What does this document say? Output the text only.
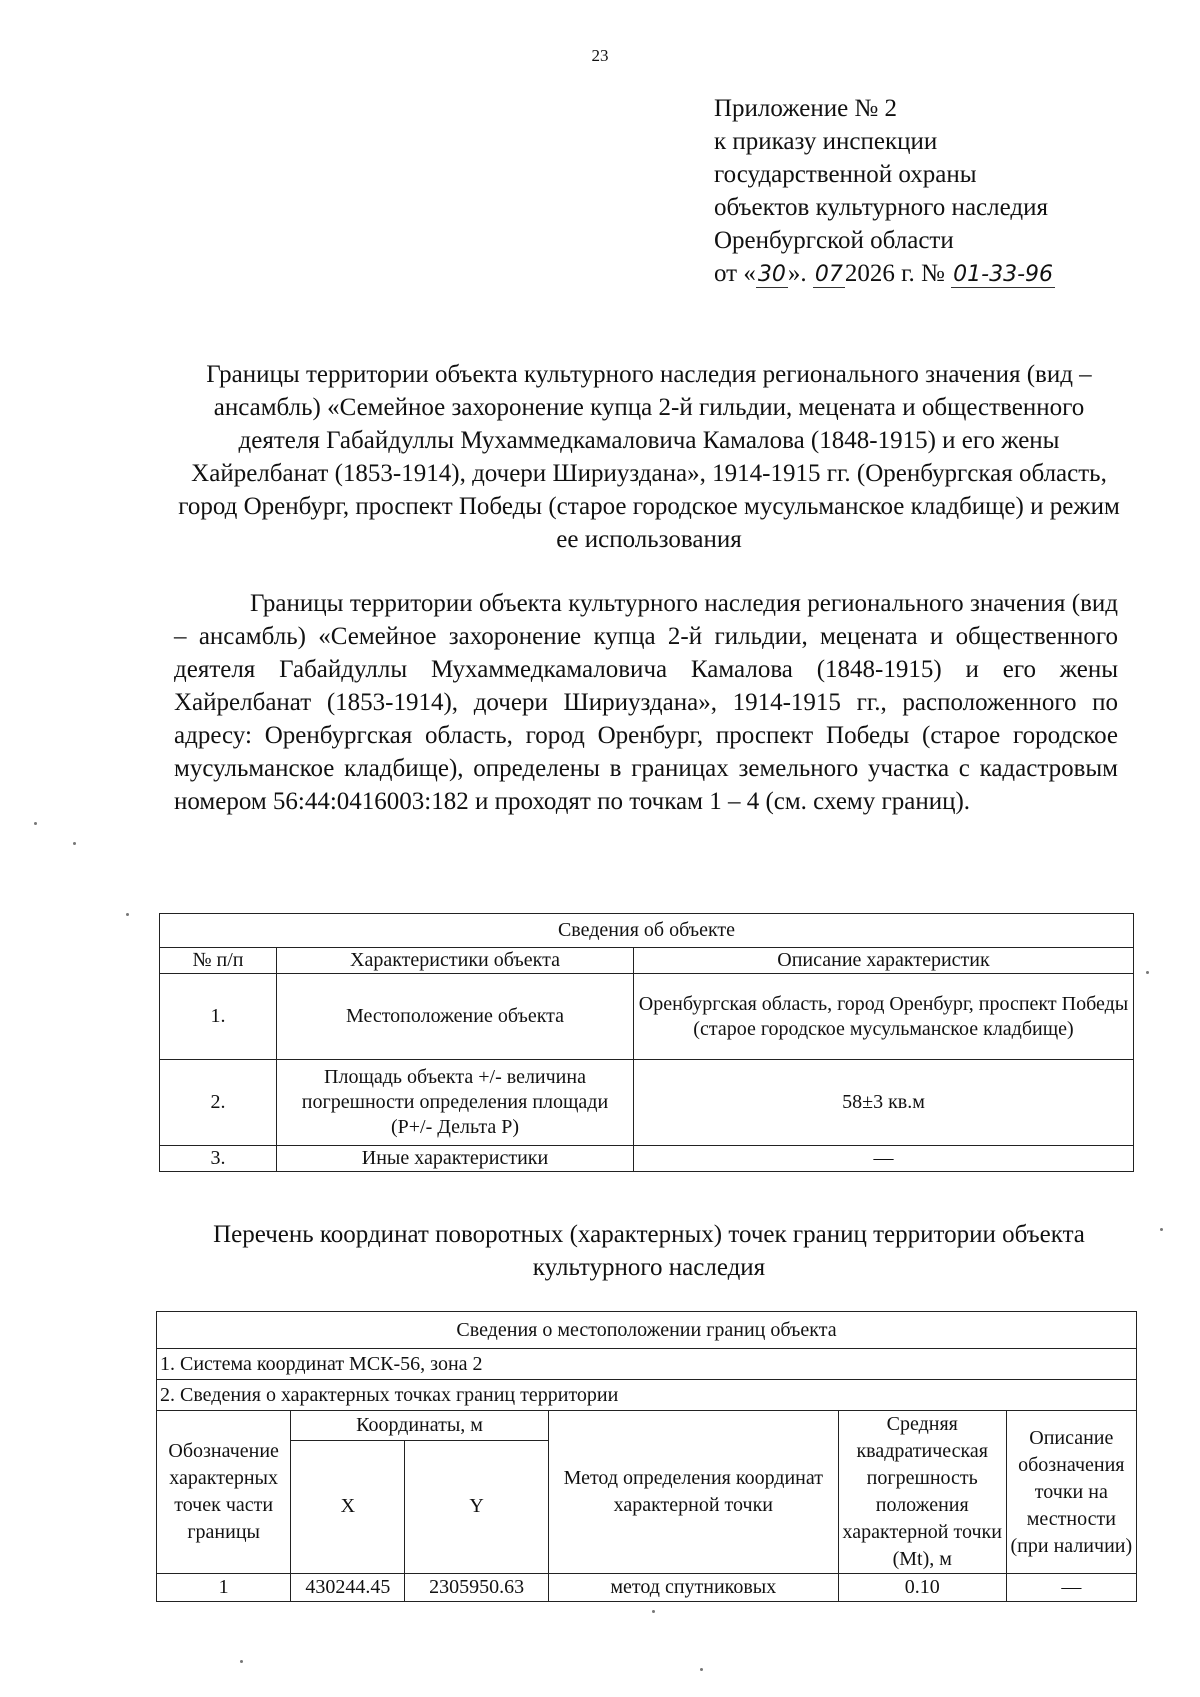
23
Приложение № 2
к приказу инспекции
государственной охраны
объектов культурного наследия
Оренбургской области
от «30». 072026 г. № 01-33-96
Границы территории объекта культурного наследия регионального значения (вид – ансамбль) «Семейное захоронение купца 2-й гильдии, мецената и общественного деятеля Габайдуллы Мухаммедкамаловича Камалова (1848-1915) и его жены Хайрелбанат (1853-1914), дочери Шириуздана», 1914-1915 гг. (Оренбургская область, город Оренбург, проспект Победы (старое городское мусульманское кладбище) и режим ее использования
Границы территории объекта культурного наследия регионального значения (вид – ансамбль) «Семейное захоронение купца 2-й гильдии, мецената и общественного деятеля Габайдуллы Мухаммедкамаловича Камалова (1848-1915) и его жены Хайрелбанат (1853-1914), дочери Шириуздана», 1914-1915 гг., расположенного по адресу: Оренбургская область, город Оренбург, проспект Победы (старое городское мусульманское кладбище), определены в границах земельного участка с кадастровым номером 56:44:0416003:182 и проходят по точкам 1 – 4 (см. схему границ).
Сведения об объекте		
№ п/п	Характеристики объекта	Описание характеристик
1.	Местоположение объекта	Оренбургская область, город Оренбург, проспект Победы (старое городское мусульманское кладбище)
2.	Площадь объекта +/- величина погрешности определения площади (Р+/- Дельта Р)	58±3 кв.м
3.	Иные характеристики	—
Перечень координат поворотных (характерных) точек границ территории объекта культурного наследия
Сведения о местоположении границ объекта					
1. Система координат МСК-56, зона 2					
2. Сведения о характерных точках границ территории					
Обозначение характерных точек части границы	Координаты, м		Метод определения координат характерной точки	Средняя квадратическая погрешность положения характерной точки (Мt), м	Описание обозначения точки на местности (при наличии)
	X	Y			
1	430244.45	2305950.63	метод спутниковых	0.10	—
